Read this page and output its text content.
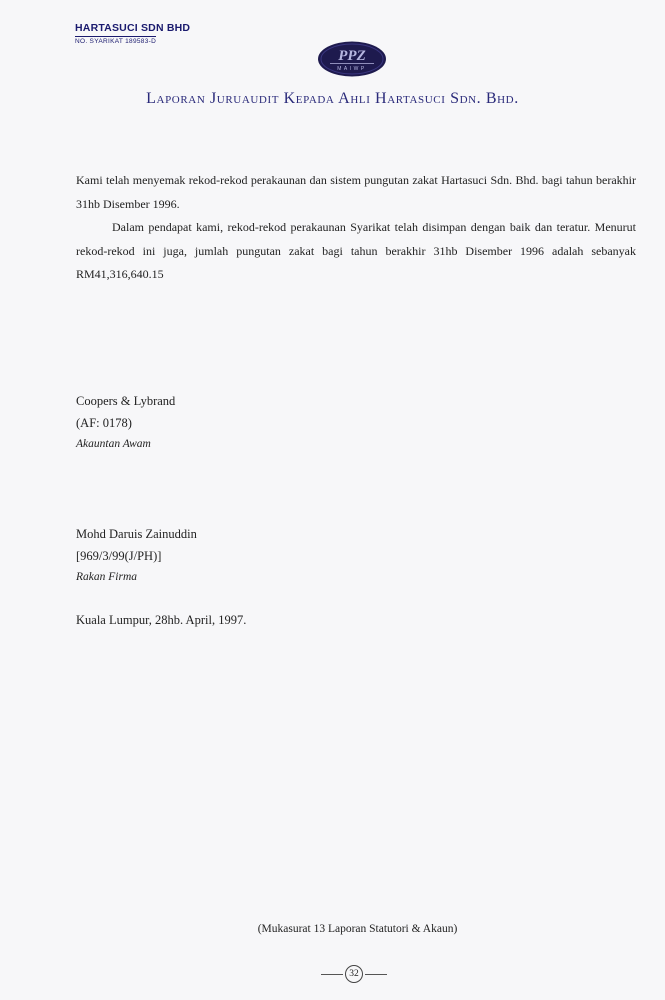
HARTASUCI SDN BHD
NO. SYARIKAT 189583-D
PPZ
MAIWP
Laporan Juruaudit Kepada Ahli Hartasuci Sdn. Bhd.

Kami telah menyemak rekod-rekod perakaunan dan sistem pungutan zakat Hartasuci Sdn. Bhd. bagi tahun berakhir 31hb Disember 1996.

Dalam pendapat kami, rekod-rekod perakaunan Syarikat telah disimpan dengan baik dan teratur. Menurut rekod-rekod ini juga, jumlah pungutan zakat bagi tahun berakhir 31hb Disember 1996 adalah sebanyak RM41,316,640.15

Coopers & Lybrand
(AF: 0178)
Akauntan Awam
Mohd Daruis Zainuddin
[969/3/99(J/PH)]
Rakan Firma
Kuala Lumpur, 28hb. April, 1997.
(Mukasurat 13 Laporan Statutori & Akaun)
32
